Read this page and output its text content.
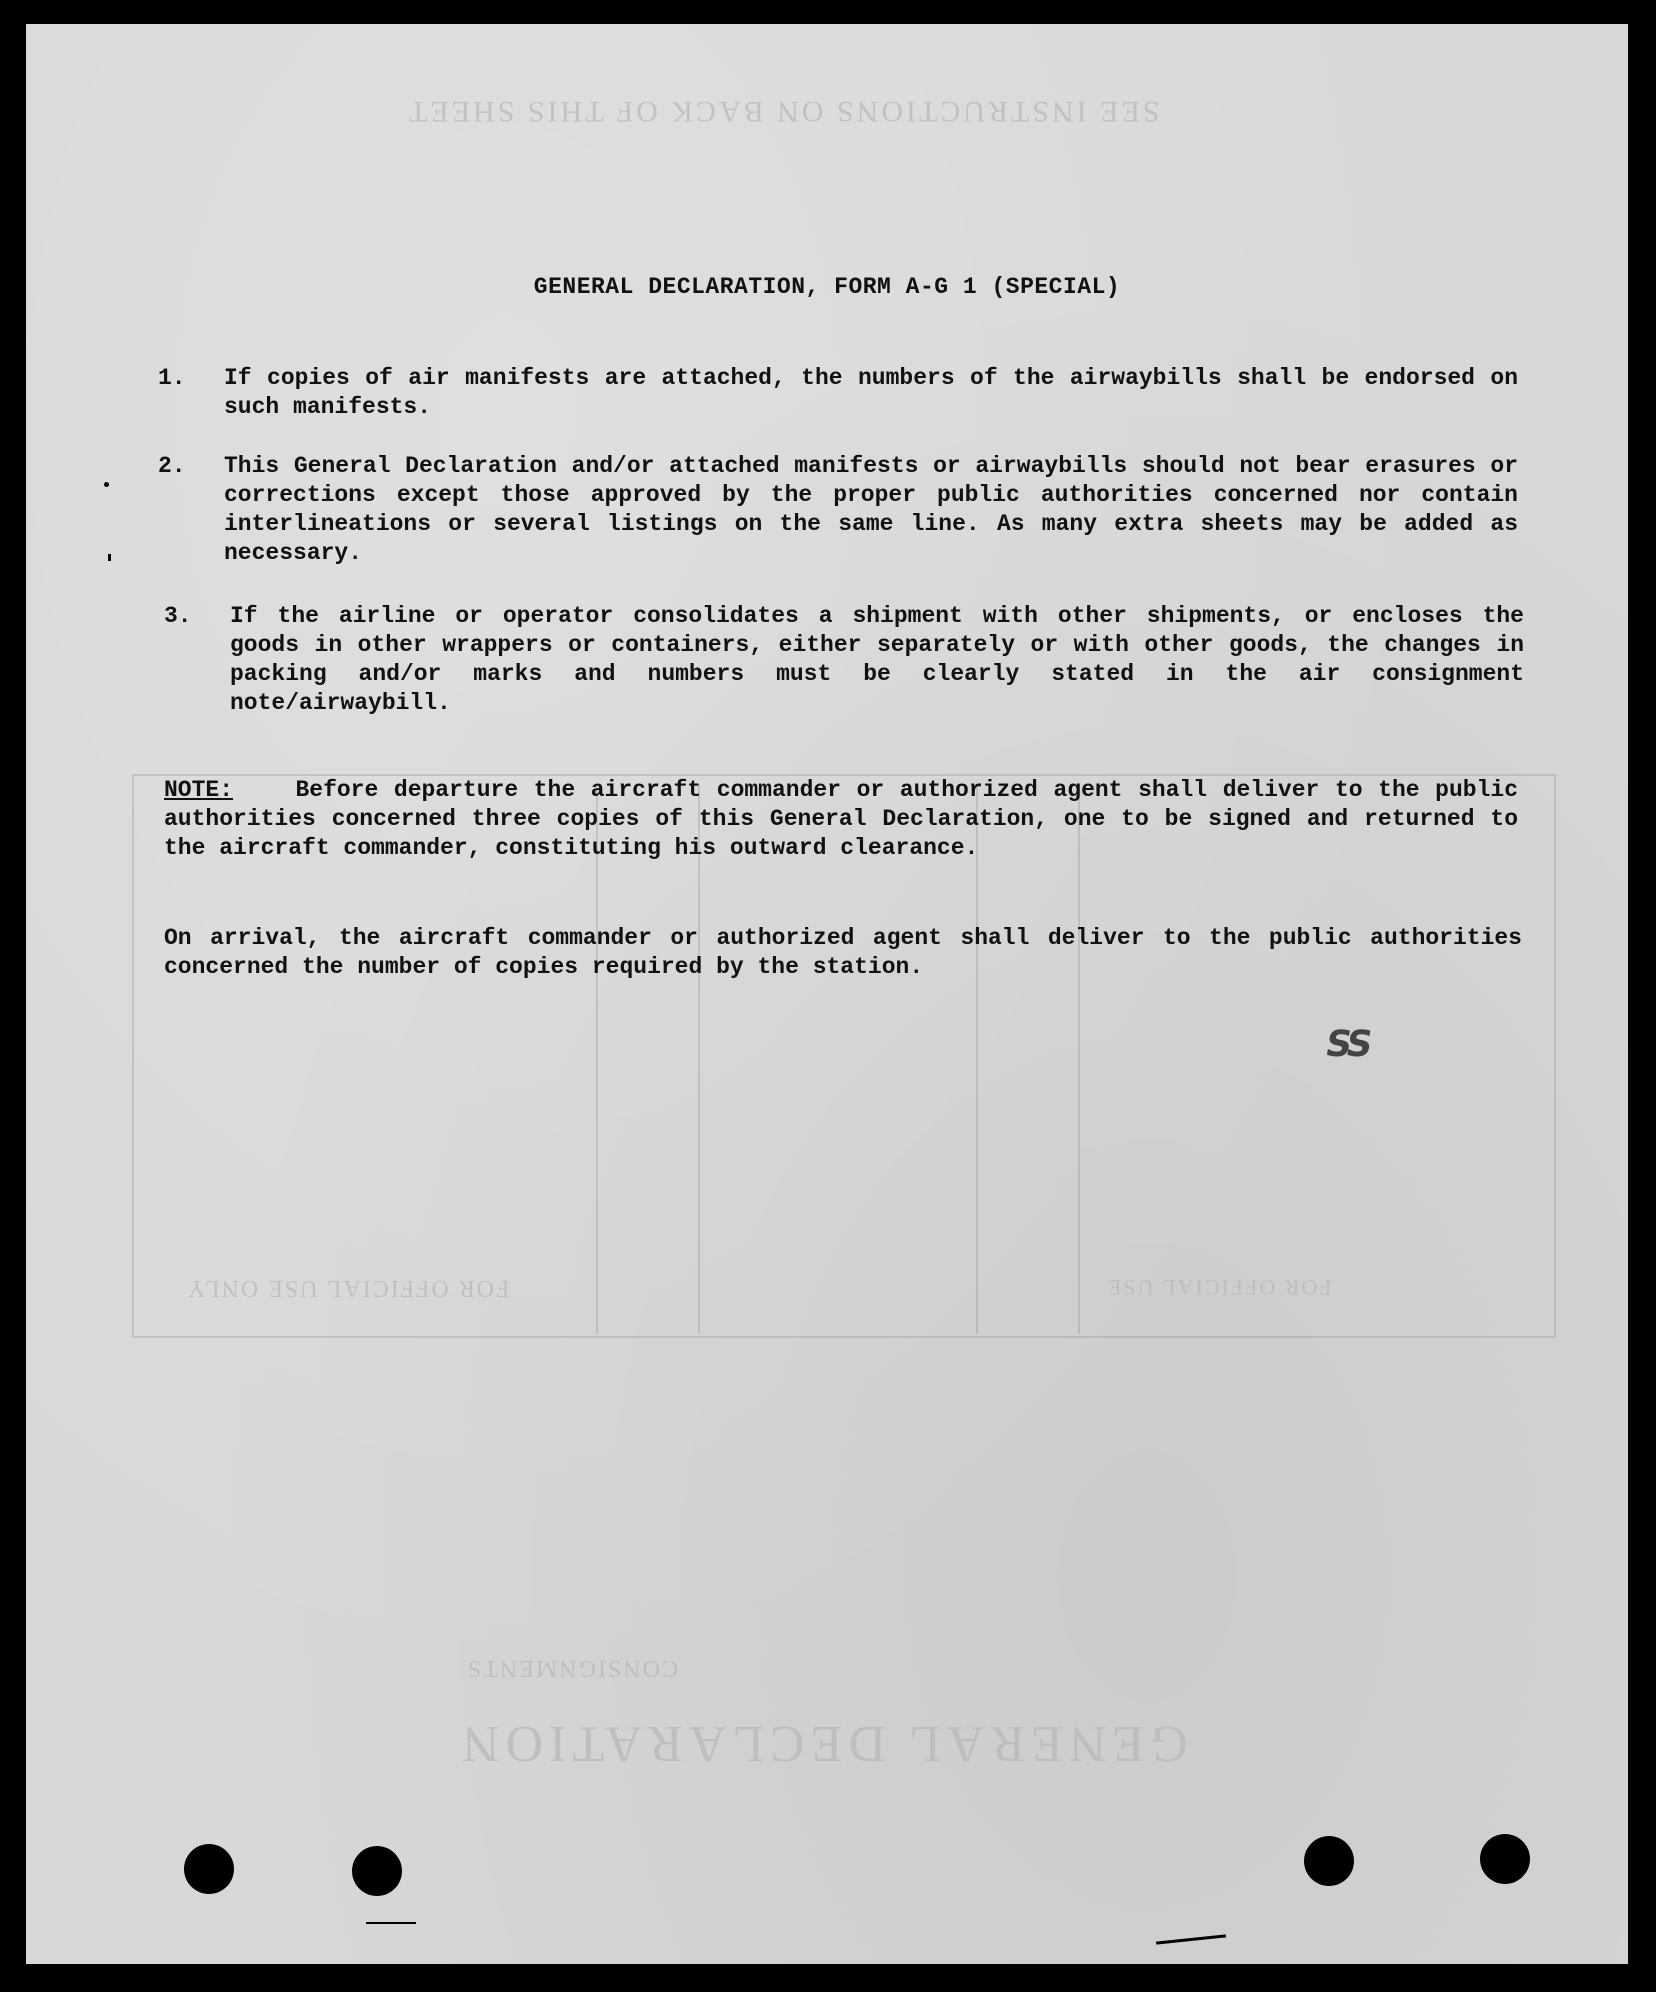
SEE INSTRUCTIONS ON BACK OF THIS SHEET
GENERAL DECLARATION
CONSIGNMENTS
FOR OFFICIAL USE ONLY	FOR OFFICIAL USE
GENERAL DECLARATION, FORM A-G 1 (SPECIAL)
1.	If copies of air manifests are attached, the numbers of the airwaybills shall be endorsed on such manifests.
2.	This General Declaration and/or attached manifests or airwaybills should not bear erasures or corrections except those approved by the proper public authorities concerned nor contain interlineations or several listings on the same line. As many extra sheets may be added as necessary.
3.	If the airline or operator consolidates a shipment with other shipments, or encloses the goods in other wrappers or containers, either separately or with other goods, the changes in packing and/or marks and numbers must be clearly stated in the air consignment note/airwaybill.
NOTE:	Before departure the aircraft commander or authorized agent shall deliver to the public authorities concerned three copies of this General Declaration, one to be signed and returned to the aircraft commander, constituting his outward clearance.
On arrival, the aircraft commander or authorized agent shall deliver to the public authorities concerned the number of copies required by the station.
SS
